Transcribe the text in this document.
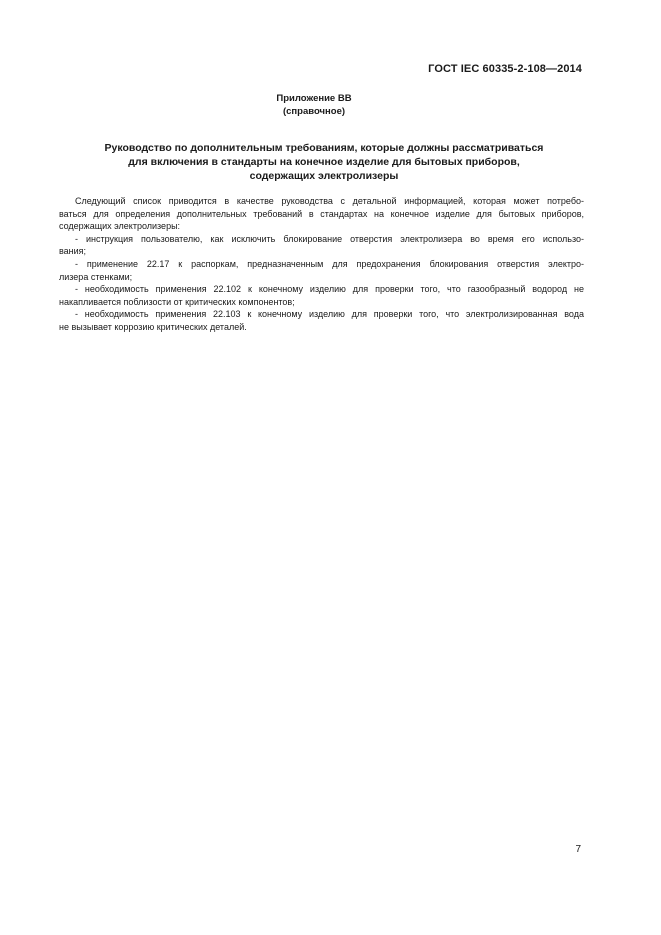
ГОСТ IEC 60335-2-108—2014
Приложение ВВ
(справочное)
Руководство по дополнительным требованиям, которые должны рассматриваться
для включения в стандарты на конечное изделие для бытовых приборов,
содержащих электролизеры
Следующий список приводится в качестве руководства с детальной информацией, которая может потребо-
ваться для определения дополнительных требований в стандартах на конечное изделие для бытовых приборов,
содержащих электролизеры:
- инструкция пользователю, как исключить блокирование отверстия электролизера во время его использо-
вания;
- применение 22.17 к распоркам, предназначенным для предохранения блокирования отверстия электро-
лизера стенками;
- необходимость применения 22.102 к конечному изделию для проверки того, что газообразный водород не
накапливается поблизости от критических компонентов;
- необходимость применения 22.103 к конечному изделию для проверки того, что электролизированная вода
не вызывает коррозию критических деталей.
7
